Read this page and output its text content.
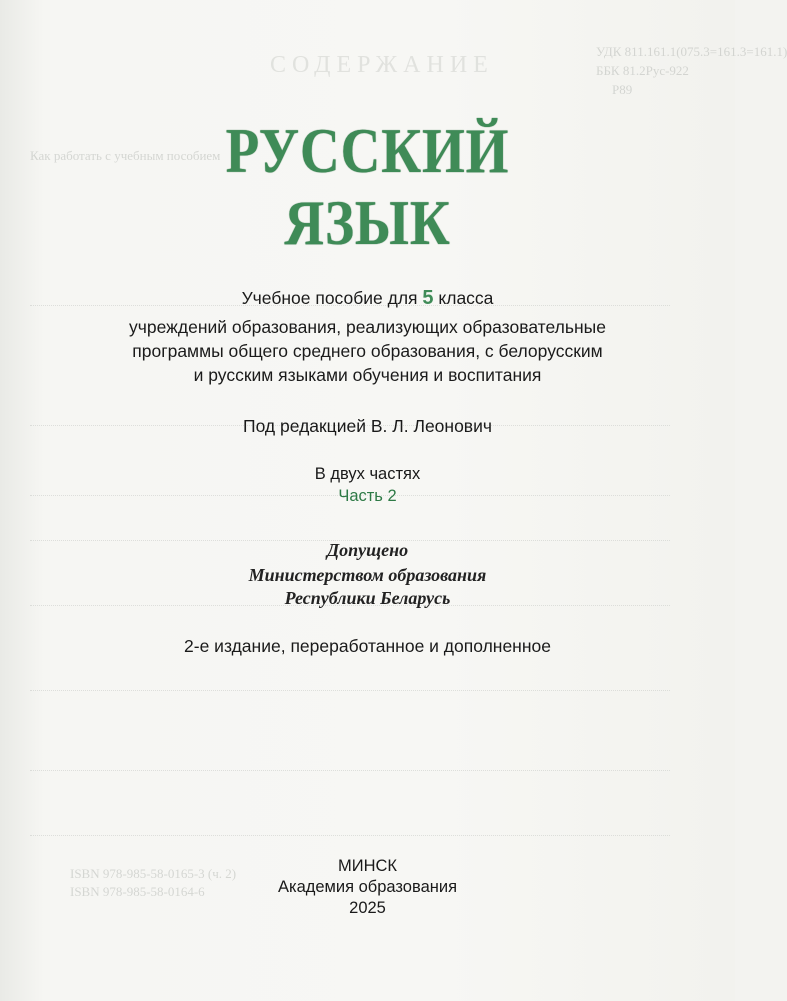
УДК 811.161.1(075.3=161.3=161.1)
ББК 81.2Рус-922
Р89
СОДЕРЖАНИЕ
Как работать с учебным пособием
ISBN 978-985-58-0165-3 (ч. 2)
ISBN 978-985-58-0164-6
РУССКИЙ
ЯЗЫК
Учебное пособие для 5 класса
учреждений образования, реализующих образовательные
программы общего среднего образования, с белорусским
и русским языками обучения и воспитания
Под редакцией В. Л. Леонович
В двух частях
Часть 2
Допущено
Министерством образования
Республики Беларусь
2-е издание, переработанное и дополненное
МИНСК
Академия образования
2025
